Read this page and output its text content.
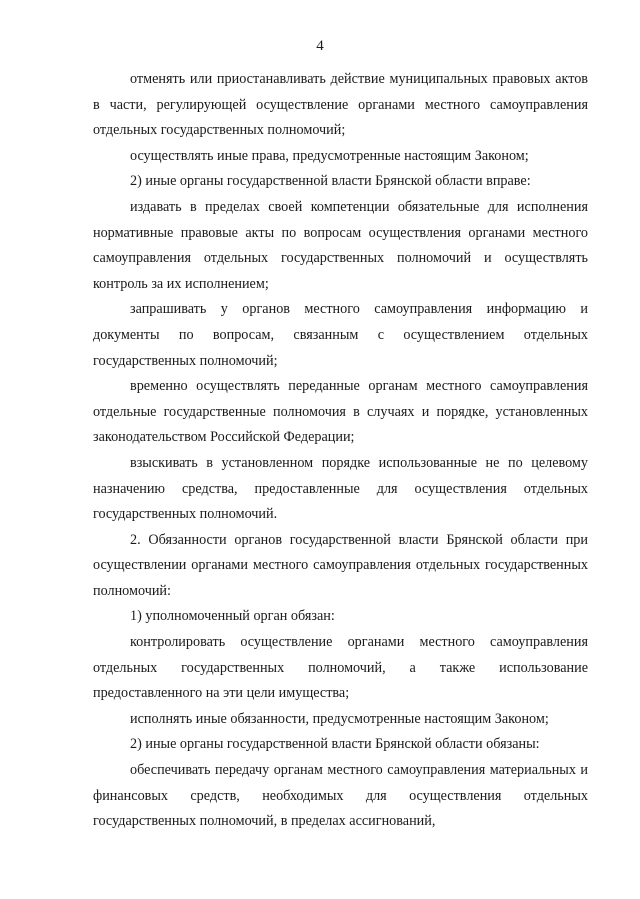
4

отменять или приостанавливать действие муниципальных правовых актов в части, регулирующей осуществление органами местного самоуправления отдельных государственных полномочий;

осуществлять иные права, предусмотренные настоящим Законом;

2) иные органы государственной власти Брянской области вправе:

издавать в пределах своей компетенции обязательные для исполнения нормативные правовые акты по вопросам осуществления органами местного самоуправления отдельных государственных полномочий и осуществлять контроль за их исполнением;

запрашивать у органов местного самоуправления информацию и документы по вопросам, связанным с осуществлением отдельных государственных полномочий;

временно осуществлять переданные органам местного самоуправления отдельные государственные полномочия в случаях и порядке, установленных законодательством Российской Федерации;

взыскивать в установленном порядке использованные не по целевому назначению средства, предоставленные для осуществления отдельных государственных полномочий.

2. Обязанности органов государственной власти Брянской области при осуществлении органами местного самоуправления отдельных государственных полномочий:

1) уполномоченный орган обязан:

контролировать осуществление органами местного самоуправления отдельных государственных полномочий, а также использование предоставленного на эти цели имущества;

исполнять иные обязанности, предусмотренные настоящим Законом;

2) иные органы государственной власти Брянской области обязаны:

обеспечивать передачу органам местного самоуправления материальных и финансовых средств, необходимых для осуществления отдельных государственных полномочий, в пределах ассигнований,
